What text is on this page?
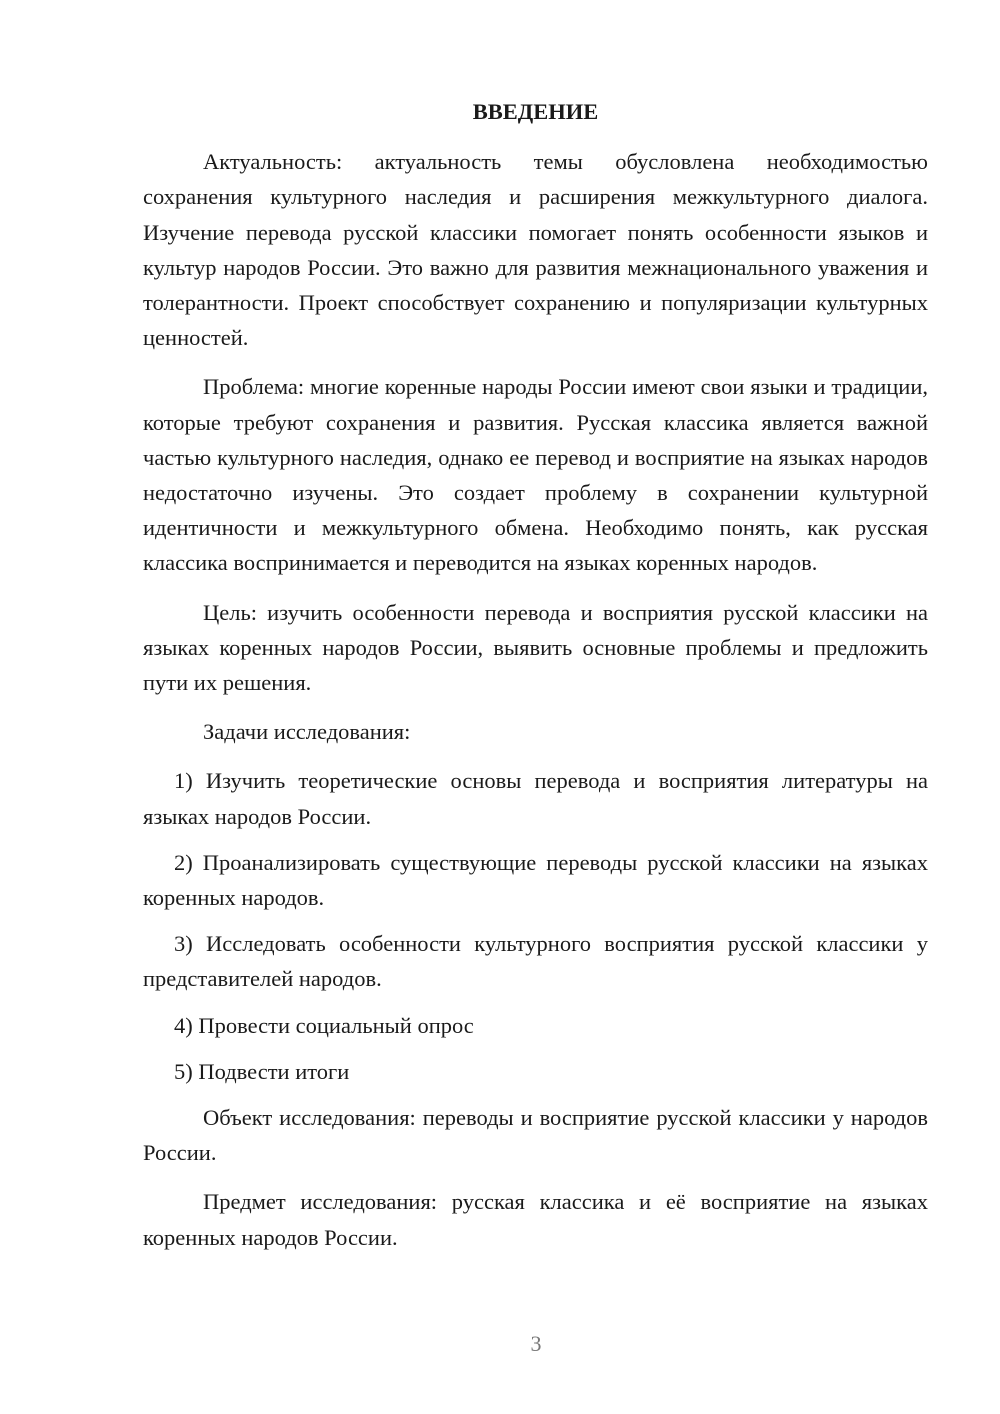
ВВЕДЕНИЕ

Актуальность: актуальность темы обусловлена необходимостью сохранения культурного наследия и расширения межкультурного диалога. Изучение перевода русской классики помогает понять особенности языков и культур народов России. Это важно для развития межнационального уважения и толерантности. Проект способствует сохранению и популяризации культурных ценностей.

Проблема: многие коренные народы России имеют свои языки и традиции, которые требуют сохранения и развития. Русская классика является важной частью культурного наследия, однако ее перевод и восприятие на языках народов недостаточно изучены. Это создает проблему в сохранении культурной идентичности и межкультурного обмена. Необходимо понять, как русская классика воспринимается и переводится на языках коренных народов.

Цель: изучить особенности перевода и восприятия русской классики на языках коренных народов России, выявить основные проблемы и предложить пути их решения.

Задачи исследования:

1) Изучить теоретические основы перевода и восприятия литературы на языках народов России.

2) Проанализировать существующие переводы русской классики на языках коренных народов.

3) Исследовать особенности культурного восприятия русской классики у представителей народов.

4) Провести социальный опрос

5) Подвести итоги

Объект исследования: переводы и восприятие русской классики у народов России.

Предмет исследования: русская классика и её восприятие на языках коренных народов России.

3
